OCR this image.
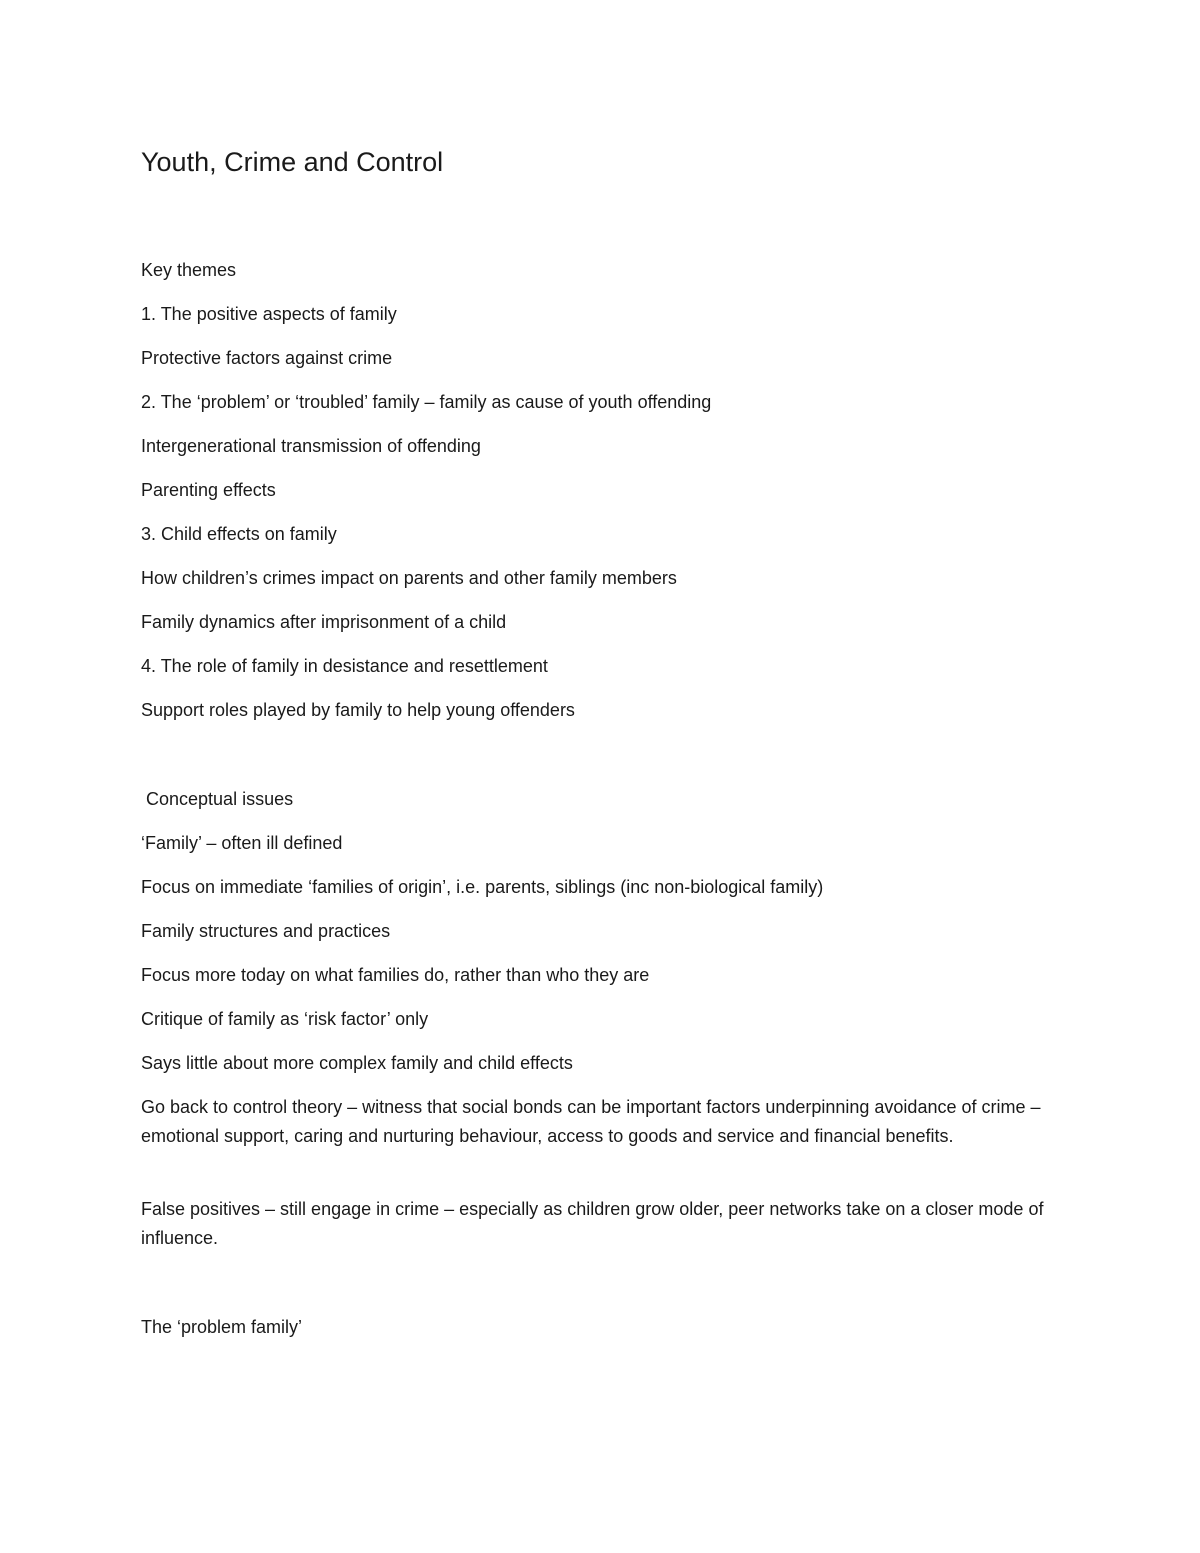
Youth, Crime and Control
Key themes
1. The positive aspects of family
Protective factors against crime
2. The ‘problem’ or ‘troubled’ family – family as cause of youth offending
Intergenerational transmission of offending
Parenting effects
3. Child effects on family
How children’s crimes impact on parents and other family members
Family dynamics after imprisonment of a child
4. The role of family in desistance and resettlement
Support roles played by family to help young offenders
Conceptual issues
‘Family’ – often ill defined
Focus on immediate ‘families of origin’, i.e. parents, siblings (inc non-biological family)
Family structures and practices
Focus more today on what families do, rather than who they are
Critique of family as ‘risk factor’ only
Says little about more complex family and child effects
Go back to control theory – witness that social bonds can be important factors underpinning avoidance of crime – emotional support, caring and nurturing behaviour, access to goods and service and financial benefits.
False positives – still engage in crime – especially as children grow older, peer networks take on a closer mode of influence.
The ‘problem family’
